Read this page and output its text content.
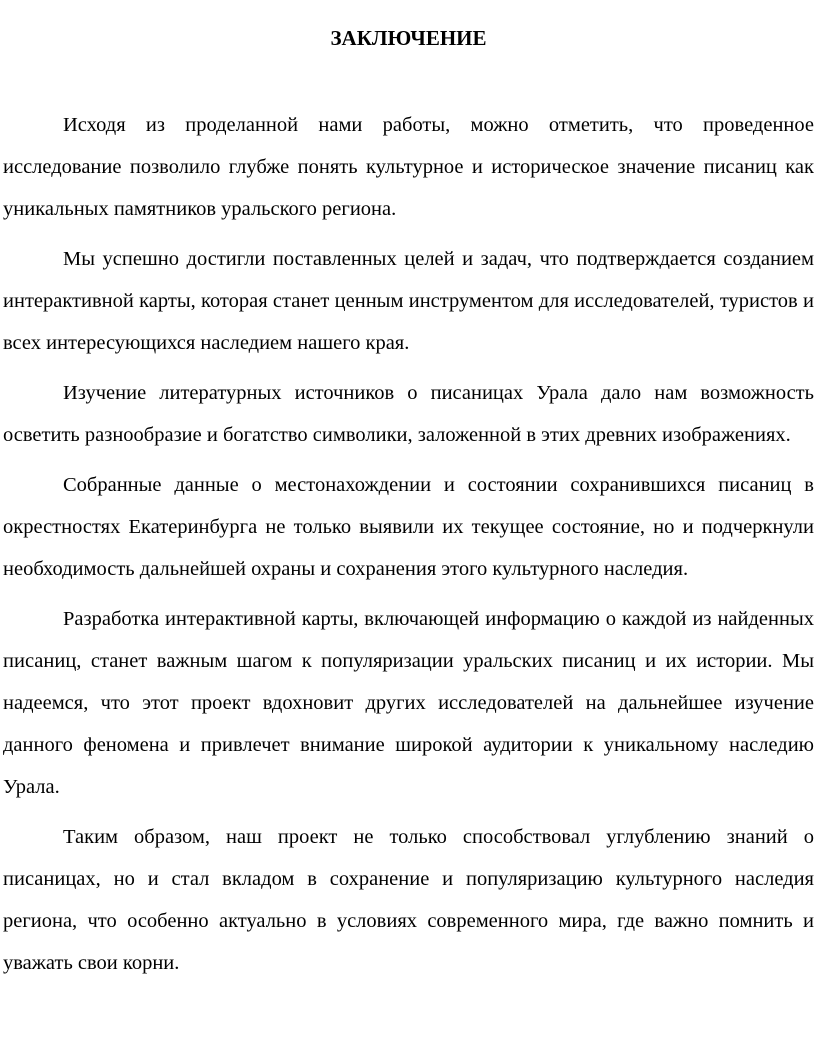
ЗАКЛЮЧЕНИЕ

Исходя из проделанной нами работы, можно отметить, что проведенное исследование позволило глубже понять культурное и историческое значение писаниц как уникальных памятников уральского региона.

Мы успешно достигли поставленных целей и задач, что подтверждается созданием интерактивной карты, которая станет ценным инструментом для исследователей, туристов и всех интересующихся наследием нашего края.

Изучение литературных источников о писаницах Урала дало нам возможность осветить разнообразие и богатство символики, заложенной в этих древних изображениях.

Собранные данные о местонахождении и состоянии сохранившихся писаниц в окрестностях Екатеринбурга не только выявили их текущее состояние, но и подчеркнули необходимость дальнейшей охраны и сохранения этого культурного наследия.

Разработка интерактивной карты, включающей информацию о каждой из найденных писаниц, станет важным шагом к популяризации уральских писаниц и их истории. Мы надеемся, что этот проект вдохновит других исследователей на дальнейшее изучение данного феномена и привлечет внимание широкой аудитории к уникальному наследию Урала.

Таким образом, наш проект не только способствовал углублению знаний о писаницах, но и стал вкладом в сохранение и популяризацию культурного наследия региона, что особенно актуально в условиях современного мира, где важно помнить и уважать свои корни.
